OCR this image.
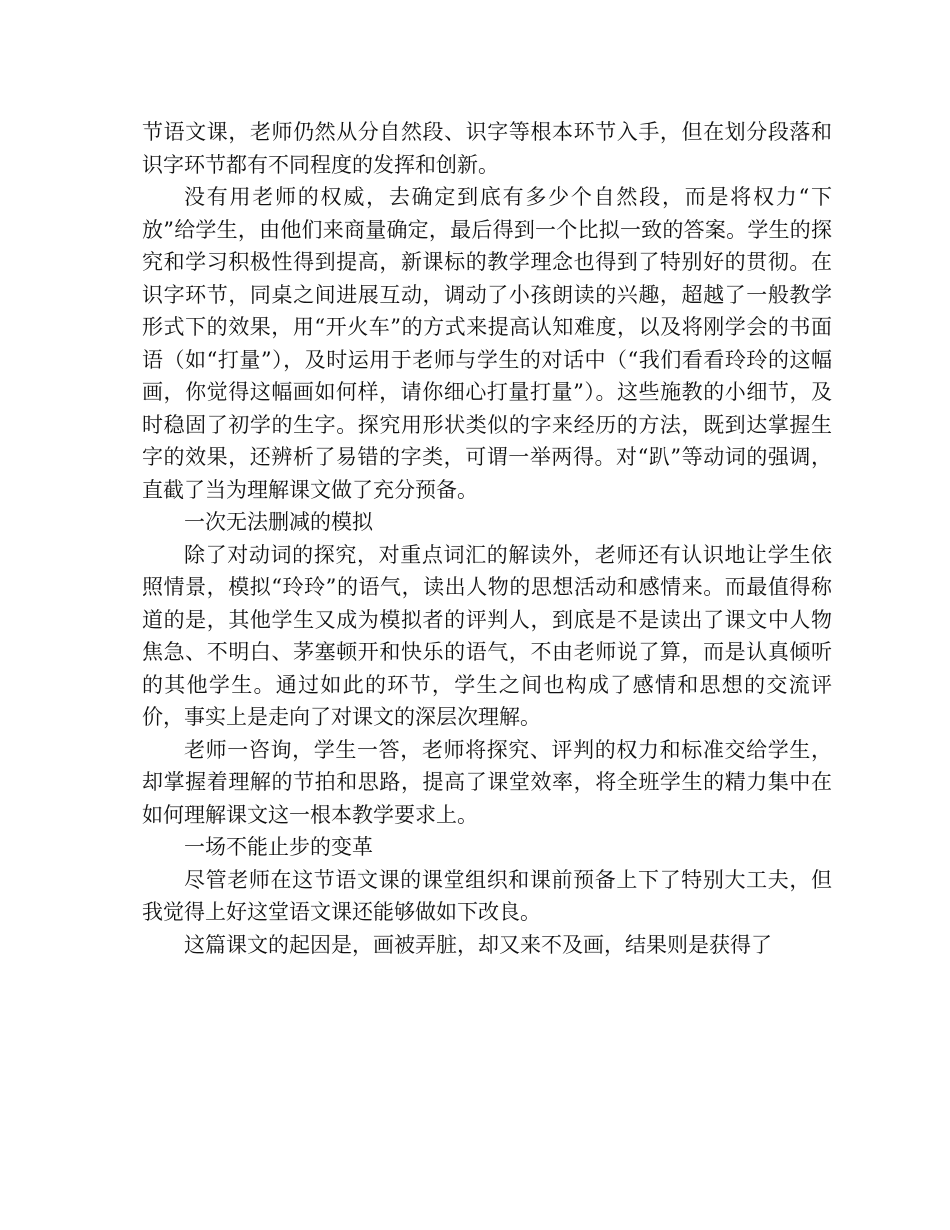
节语文课，老师仍然从分自然段、识字等根本环节入手，但在划分段落和识字环节都有不同程度的发挥和创新。

没有用老师的权威，去确定到底有多少个自然段，而是将权力“下放”给学生，由他们来商量确定，最后得到一个比拟一致的答案。学生的探究和学习积极性得到提高，新课标的教学理念也得到了特别好的贯彻。在识字环节，同桌之间进展互动，调动了小孩朗读的兴趣，超越了一般教学形式下的效果，用“开火车”的方式来提高认知难度，以及将刚学会的书面语（如“打量”），及时运用于老师与学生的对话中（“我们看看玲玲的这幅画，你觉得这幅画如何样，请你细心打量打量”）。这些施教的小细节，及时稳固了初学的生字。探究用形状类似的字来经历的方法，既到达掌握生字的效果，还辨析了易错的字类，可谓一举两得。对“趴”等动词的强调，直截了当为理解课文做了充分预备。

一次无法删减的模拟

除了对动词的探究，对重点词汇的解读外，老师还有认识地让学生依照情景，模拟“玲玲”的语气，读出人物的思想活动和感情来。而最值得称道的是，其他学生又成为模拟者的评判人，到底是不是读出了课文中人物焦急、不明白、茅塞顿开和快乐的语气，不由老师说了算，而是认真倾听的其他学生。通过如此的环节，学生之间也构成了感情和思想的交流评价，事实上是走向了对课文的深层次理解。

老师一咨询，学生一答，老师将探究、评判的权力和标准交给学生，却掌握着理解的节拍和思路，提高了课堂效率，将全班学生的精力集中在如何理解课文这一根本教学要求上。

一场不能止步的变革

尽管老师在这节语文课的课堂组织和课前预备上下了特别大工夫，但我觉得上好这堂语文课还能够做如下改良。

这篇课文的起因是，画被弄脏，却又来不及画，结果则是获得了
